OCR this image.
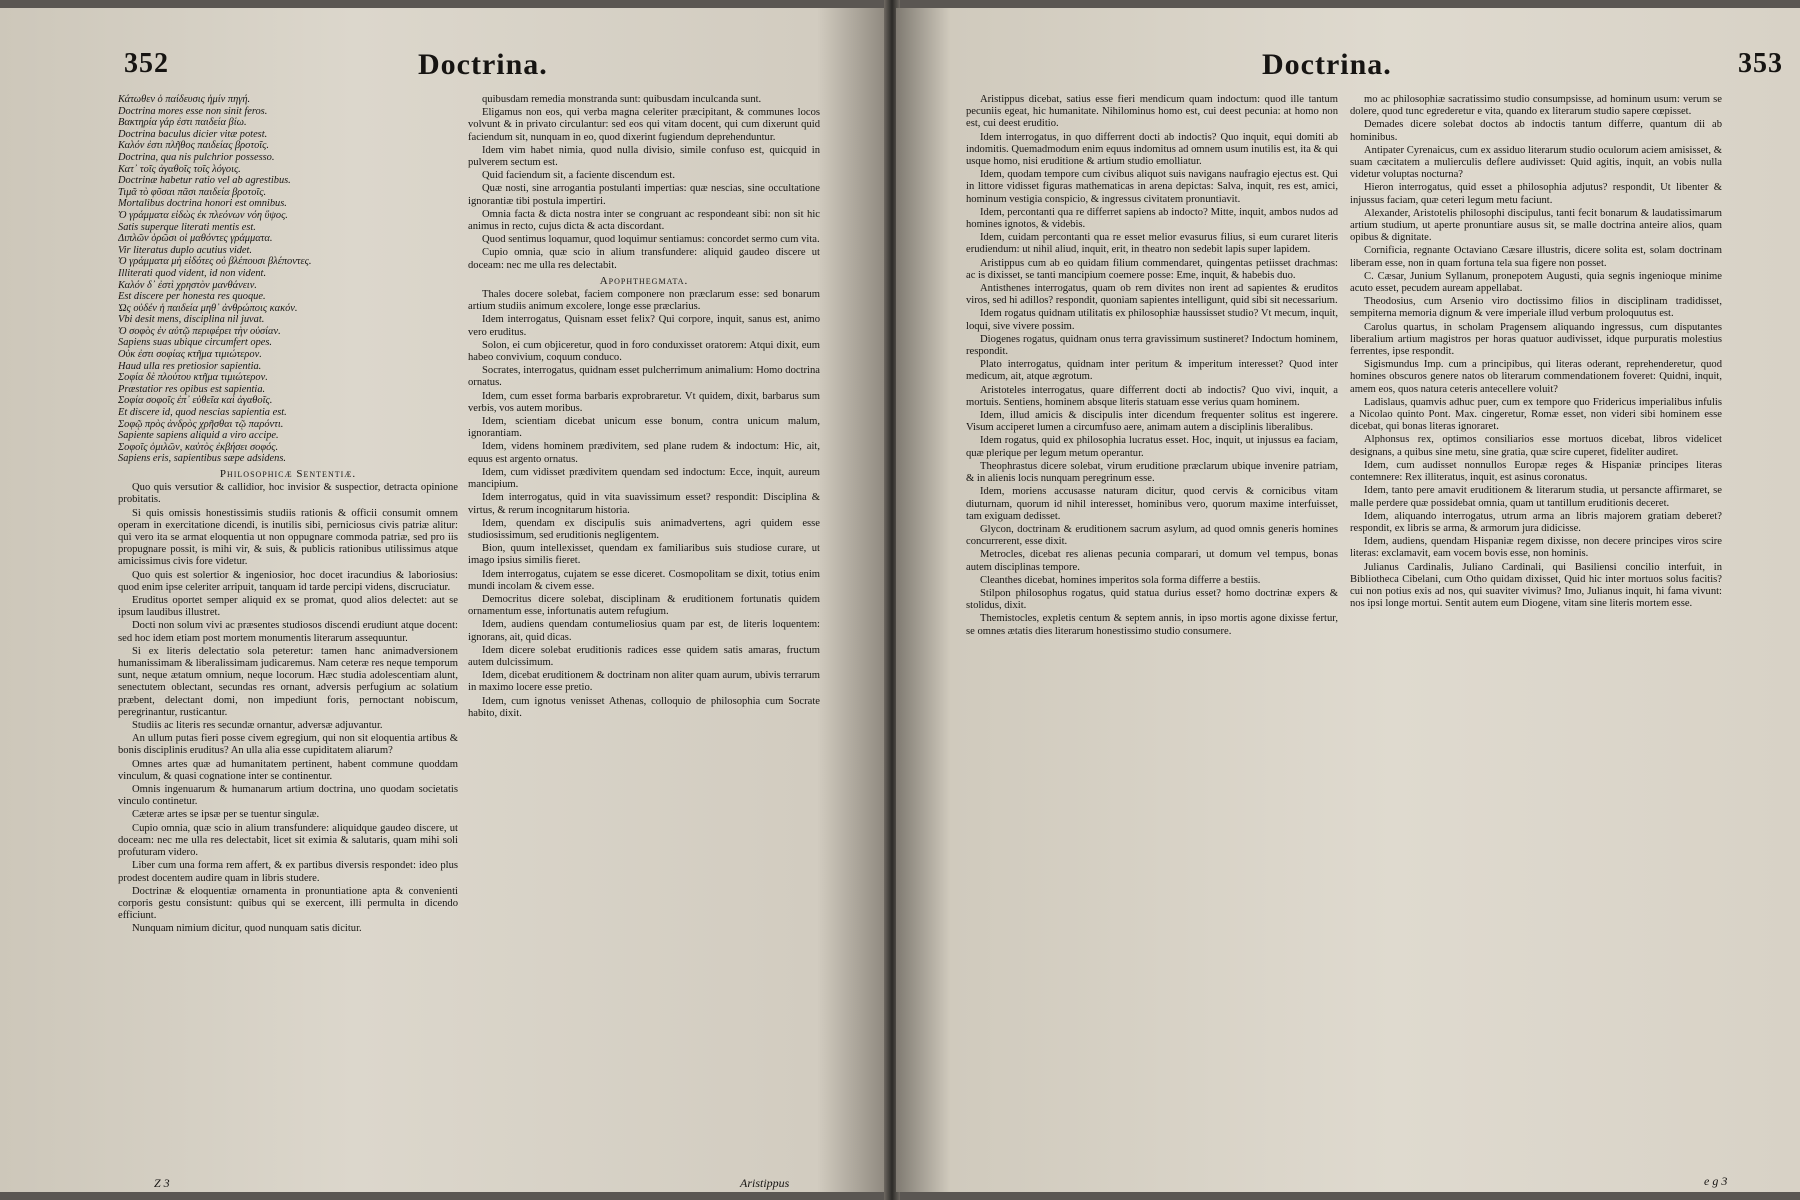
352	Doctrina.
Κάτωθεν ὁ παίδευσις ἡμίν πηγή.
Doctrina mores esse non sinit feros.
Βακτηρία γάρ ἐστι παιδεία βίω.
Doctrina baculus dicier vitæ potest.
Καλόν ἐστι πλῆθος παιδείας βροτοῖς.
Doctrina, qua nis pulchrior possesso.
Κατ᾽ τοῖς ἀγαθοῖς τοῖς λόγοις.
Doctrinæ habetur ratio vel ab agrestibus.
Τιμᾶ τὸ φῦσαι πᾶσι παιδεία βροτοῖς.
Mortalibus doctrina honori est omnibus.
Ὁ γράμματα εἰδὼς ἐκ πλεόνων νόη ὕψος.
Satis superque literati mentis est.
Διπλῶν ὁρῶσι οἱ μαθόντες γράμματα.
Vir literatus duplo acutius videt.
Ὁ γράμματα μὴ εἰδότες οὐ βλέπουσι βλέποντες.
Illiterati quod vident, id non vident.
Καλόν δ᾽ ἐστὶ χρηστὸν μανθάνειν.
Est discere per honesta res quoque.
Ὡς οὐδέν ἡ παιδεία μηθ᾽ ἀνθρώποις κακόν.
Vbi desit mens, disciplina nil juvat.
Ὁ σοφὸς ἐν αὐτῷ περιφέρει τὴν οὐσίαν.
Sapiens suas ubique circumfert opes.
Οὐκ ἐστι σοφίας κτῆμα τιμιώτερον.
Haud ulla res pretiosior sapientia.
Σοφία δὲ πλούτου κτῆμα τιμιώτερον.
Præstatior res opibus est sapientia.
Σοφία σοφοῖς ἐπ᾽ εὐθεῖα καὶ ἀγαθοῖς.
Et discere id, quod nescias sapientia est.
Σοφῷ πρὸς ἀνδρὸς χρῆσθαι τῷ παρόντι.
Sapiente sapiens aliquid a viro accipe.
Σοφοῖς ὁμιλῶν, καὐτὸς ἐκβήσει σοφός.
Sapiens eris, sapientibus sæpe adsidens.
Philosophicæ Sententiæ.

Quo quis versutior & callidior, hoc invisior & suspectior, detracta opinione probitatis.

Si quis omissis honestissimis studiis rationis & officii consumit omnem operam in exercitatione dicendi, is inutilis sibi, perniciosus civis patriæ alitur: qui vero ita se armat eloquentia ut non oppugnare commoda patriæ, sed pro iis propugnare possit, is mihi vir, & suis, & publicis rationibus utilissimus atque amicissimus civis fore videtur.

Quo quis est solertior & ingeniosior, hoc docet iracundius & laboriosius: quod enim ipse celeriter arripuit, tanquam id tarde percipi videns, discruciatur.

Eruditus oportet semper aliquid ex se promat, quod alios delectet: aut se ipsum laudibus illustret.

Docti non solum vivi ac præsentes studiosos discendi erudiunt atque docent: sed hoc idem etiam post mortem monumentis literarum assequuntur.

Si ex literis delectatio sola peteretur: tamen hanc animadversionem humanissimam & liberalissimam judicaremus. Nam ceteræ res neque temporum sunt, neque ætatum omnium, neque locorum. Hæc studia adolescentiam alunt, senectutem oblectant, secundas res ornant, adversis perfugium ac solatium præbent, delectant domi, non impediunt foris, pernoctant nobiscum, peregrinantur, rusticantur.

Studiis ac literis res secundæ ornantur, adversæ adjuvantur.

An ullum putas fieri posse civem egregium, qui non sit eloquentia artibus & bonis disciplinis eruditus? An ulla alia esse cupiditatem aliarum?

Omnes artes quæ ad humanitatem pertinent, habent commune quoddam vinculum, & quasi cognatione inter se continentur.

Omnis ingenuarum & humanarum artium doctrina, uno quodam societatis vinculo continetur.

Cæteræ artes se ipsæ per se tuentur singulæ.

Cupio omnia, quæ scio in alium transfundere: aliquidque gaudeo discere, ut doceam: nec me ulla res delectabit, licet sit eximia & salutaris, quam mihi soli profuturam videro.

Liber cum una forma rem affert, & ex partibus diversis respondet: ideo plus prodest docentem audire quam in libris studere.

Doctrinæ & eloquentiæ ornamenta in pronuntiatione apta & convenienti corporis gestu consistunt: quibus qui se exercent, illi permulta in dicendo efficiunt.

Nunquam nimium dicitur, quod nunquam satis dicitur.

quibusdam remedia monstranda sunt: quibusdam inculcanda sunt.

Eligamus non eos, qui verba magna celeriter præcipitant, & communes locos volvunt & in privato circulantur: sed eos qui vitam docent, qui cum dixerunt quid faciendum sit, nunquam in eo, quod dixerint fugiendum deprehenduntur.

Idem vim habet nimia, quod nulla divisio, simile confuso est, quicquid in pulverem sectum est.

Quid faciendum sit, a faciente discendum est.

Quæ nosti, sine arrogantia postulanti impertias: quæ nescias, sine occultatione ignorantiæ tibi postula impertiri.

Omnia facta & dicta nostra inter se congruant ac respondeant sibi: non sit hic animus in recto, cujus dicta & acta discordant.

Quod sentimus loquamur, quod loquimur sentiamus: concordet sermo cum vita.

Cupio omnia, quæ scio in alium transfundere: aliquid gaudeo discere ut doceam: nec me ulla res delectabit.

Apophthegmata.

Thales docere solebat, faciem componere non præclarum esse: sed bonarum artium studiis animum excolere, longe esse præclarius.

Idem interrogatus, Quisnam esset felix? Qui corpore, inquit, sanus est, animo vero eruditus.

Solon, ei cum objiceretur, quod in foro conduxisset oratorem: Atqui dixit, eum habeo convivium, coquum conduco.

Socrates, interrogatus, quidnam esset pulcherrimum animalium: Homo doctrina ornatus.

Idem, cum esset forma barbaris exprobraretur. Vt quidem, dixit, barbarus sum verbis, vos autem moribus.

Idem, scientiam dicebat unicum esse bonum, contra unicum malum, ignorantiam.

Idem, videns hominem prædivitem, sed plane rudem & indoctum: Hic, ait, equus est argento ornatus.

Idem, cum vidisset prædivitem quendam sed indoctum: Ecce, inquit, aureum mancipium.

Idem interrogatus, quid in vita suavissimum esset? respondit: Disciplina & virtus, & rerum incognitarum historia.

Idem, quendam ex discipulis suis animadvertens, agri quidem esse studiosissimum, sed eruditionis negligentem.

Bion, quum intellexisset, quendam ex familiaribus suis studiose curare, ut imago ipsius similis fieret.

Idem interrogatus, cujatem se esse diceret. Cosmopolitam se dixit, totius enim mundi incolam & civem esse.

Democritus dicere solebat, disciplinam & eruditionem fortunatis quidem ornamentum esse, infortunatis autem refugium.

Idem, audiens quendam contumeliosius quam par est, de literis loquentem: ignorans, ait, quid dicas.

Idem dicere solebat eruditionis radices esse quidem satis amaras, fructum autem dulcissimum.

Idem, dicebat eruditionem & doctrinam non aliter quam aurum, ubivis terrarum in maximo locere esse pretio.

Idem, cum ignotus venisset Athenas, colloquio de philosophia cum Socrate habito, dixit.

Z 3	Aristippus
Doctrina.	353

Aristippus dicebat, satius esse fieri mendicum quam indoctum: quod ille tantum pecuniis egeat, hic humanitate. Nihilominus homo est, cui deest pecunia: at homo non est, cui deest eruditio.

Idem interrogatus, in quo differrent docti ab indoctis? Quo inquit, equi domiti ab indomitis. Quemadmodum enim equus indomitus ad omnem usum inutilis est, ita & qui usque homo, nisi eruditione & artium studio emolliatur.

Idem, quodam tempore cum civibus aliquot suis navigans naufragio ejectus est. Qui in littore vidisset figuras mathematicas in arena depictas: Salva, inquit, res est, amici, hominum vestigia conspicio, & ingressus civitatem pronuntiavit.

Idem, percontanti qua re differret sapiens ab indocto? Mitte, inquit, ambos nudos ad homines ignotos, & videbis.

Idem, cuidam percontanti qua re esset melior evasurus filius, si eum curaret literis erudiendum: ut nihil aliud, inquit, erit, in theatro non sedebit lapis super lapidem.

Aristippus cum ab eo quidam filium commendaret, quingentas petiisset drachmas: ac is dixisset, se tanti mancipium coemere posse: Eme, inquit, & habebis duo.

Antisthenes interrogatus, quam ob rem divites non irent ad sapientes & eruditos viros, sed hi adillos? respondit, quoniam sapientes intelligunt, quid sibi sit necessarium.

Idem rogatus quidnam utilitatis ex philosophiæ haussisset studio? Vt mecum, inquit, loqui, sive vivere possim.

Diogenes rogatus, quidnam onus terra gravissimum sustineret? Indoctum hominem, respondit.

Plato interrogatus, quidnam inter peritum & imperitum interesset? Quod inter medicum, ait, atque ægrotum.

Aristoteles interrogatus, quare differrent docti ab indoctis? Quo vivi, inquit, a mortuis. Sentiens, hominem absque literis statuam esse verius quam hominem.

Idem, illud amicis & discipulis inter dicendum frequenter solitus est ingerere. Visum acciperet lumen a circumfuso aere, animam autem a disciplinis liberalibus.

Idem rogatus, quid ex philosophia lucratus esset. Hoc, inquit, ut injussus ea faciam, quæ plerique per legum metum operantur.

Theophrastus dicere solebat, virum eruditione præclarum ubique invenire patriam, & in alienis locis nunquam peregrinum esse.

Idem, moriens accusasse naturam dicitur, quod cervis & cornicibus vitam diuturnam, quorum id nihil interesset, hominibus vero, quorum maxime interfuisset, tam exiguam dedisset.

Glycon, doctrinam & eruditionem sacrum asylum, ad quod omnis generis homines concurrerent, esse dixit.

Metrocles, dicebat res alienas pecunia comparari, ut domum vel tempus, bonas autem disciplinas tempore.

Cleanthes dicebat, homines imperitos sola forma differre a bestiis.

Stilpon philosophus rogatus, quid statua durius esset? homo doctrinæ expers & stolidus, dixit.

Themistocles, expletis centum & septem annis, in ipso mortis agone dixisse fertur, se omnes ætatis dies literarum honestissimo studio consumere.

mo ac philosophiæ sacratissimo studio consumpsisse, ad hominum usum: verum se dolere, quod tunc egrederetur e vita, quando ex literarum studio sapere cœpisset.

Demades dicere solebat doctos ab indoctis tantum differre, quantum dii ab hominibus.

Antipater Cyrenaicus, cum ex assiduo literarum studio oculorum aciem amisisset, & suam cæcitatem a mulierculis deflere audivisset: Quid agitis, inquit, an vobis nulla videtur voluptas nocturna?

Hieron interrogatus, quid esset a philosophia adjutus? respondit, Ut libenter & injussus faciam, quæ ceteri legum metu faciunt.

Alexander, Aristotelis philosophi discipulus, tanti fecit bonarum & laudatissimarum artium studium, ut aperte pronuntiare ausus sit, se malle doctrina anteire alios, quam opibus & dignitate.

Cornificia, regnante Octaviano Cæsare illustris, dicere solita est, solam doctrinam liberam esse, non in quam fortuna tela sua figere non posset.

C. Cæsar, Junium Syllanum, pronepotem Augusti, quia segnis ingenioque minime acuto esset, pecudem auream appellabat.

Theodosius, cum Arsenio viro doctissimo filios in disciplinam tradidisset, sempiterna memoria dignum & vere imperiale illud verbum proloquutus est.

Carolus quartus, in scholam Pragensem aliquando ingressus, cum disputantes liberalium artium magistros per horas quatuor audivisset, idque purpuratis molestius ferrentes, ipse respondit.

Sigismundus Imp. cum a principibus, qui literas oderant, reprehenderetur, quod homines obscuros genere natos ob literarum commendationem foveret: Quidni, inquit, amem eos, quos natura ceteris antecellere voluit?

Ladislaus, quamvis adhuc puer, cum ex tempore quo Fridericus imperialibus infulis a Nicolao quinto Pont. Max. cingeretur, Romæ esset, non videri sibi hominem esse dicebat, qui bonas literas ignoraret.

Alphonsus rex, optimos consiliarios esse mortuos dicebat, libros videlicet designans, a quibus sine metu, sine gratia, quæ scire cuperet, fideliter audiret.

Idem, cum audisset nonnullos Europæ reges & Hispaniæ principes literas contemnere: Rex illiteratus, inquit, est asinus coronatus.

Idem, tanto pere amavit eruditionem & literarum studia, ut persancte affirmaret, se malle perdere quæ possidebat omnia, quam ut tantillum eruditionis deceret.

Idem, aliquando interrogatus, utrum arma an libris majorem gratiam deberet? respondit, ex libris se arma, & armorum jura didicisse.

Idem, audiens, quendam Hispaniæ regem dixisse, non decere principes viros scire literas: exclamavit, eam vocem bovis esse, non hominis.

Julianus Cardinalis, Juliano Cardinali, qui Basiliensi concilio interfuit, in Bibliotheca Cibelani, cum Otho quidam dixisset, Quid hic inter mortuos solus facitis? cui non potius exis ad nos, qui suaviter vivimus? Imo, Julianus inquit, hi fama vivunt: nos ipsi longe mortui. Sentit autem eum Diogene, vitam sine literis mortem esse.

e g 3
